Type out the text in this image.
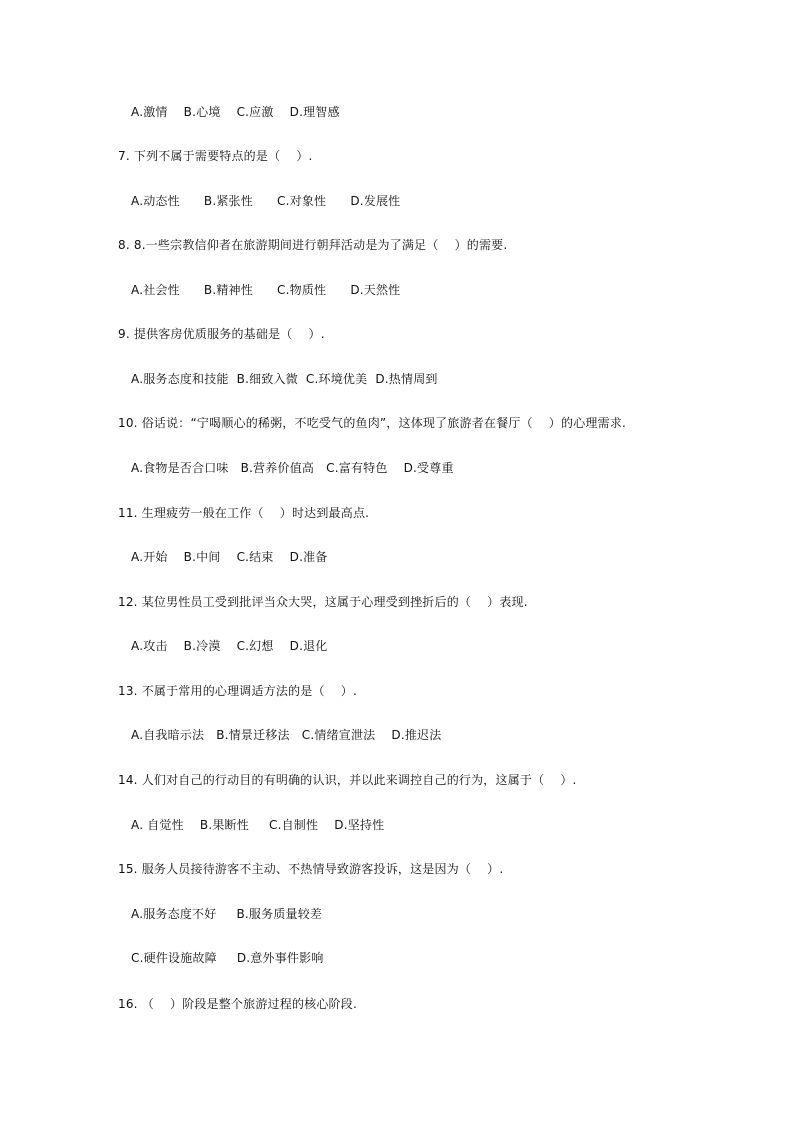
A.激情    B.心境    C.应激    D.理智感
7. 下列不属于需要特点的是（    ）.
A.动态性      B.紧张性      C.对象性      D.发展性
8. 8.一些宗教信仰者在旅游期间进行朝拜活动是为了满足（    ）的需要.
A.社会性      B.精神性      C.物质性      D.天然性
9. 提供客房优质服务的基础是（    ）.
A.服务态度和技能  B.细致入微  C.环境优美  D.热情周到
10. 俗话说：“宁喝顺心的稀粥，不吃受气的鱼肉”，这体现了旅游者在餐厅（    ）的心理需求.
A.食物是否合口味   B.营养价值高   C.富有特色    D.受尊重
11. 生理疲劳一般在工作（    ）时达到最高点.
A.开始    B.中间    C.结束    D.准备
12. 某位男性员工受到批评当众大哭，这属于心理受到挫折后的（    ）表现.
A.攻击    B.冷漠    C.幻想    D.退化
13. 不属于常用的心理调适方法的是（    ）.
A.自我暗示法   B.情景迁移法   C.情绪宣泄法    D.推迟法
14. 人们对自己的行动目的有明确的认识，并以此来调控自己的行为，这属于（    ）.
A. 自觉性    B.果断性     C.自制性    D.坚持性
15. 服务人员接待游客不主动、不热情导致游客投诉，这是因为（    ）.
A.服务态度不好     B.服务质量较差
C.硬件设施故障     D.意外事件影响
16. （    ）阶段是整个旅游过程的核心阶段.
